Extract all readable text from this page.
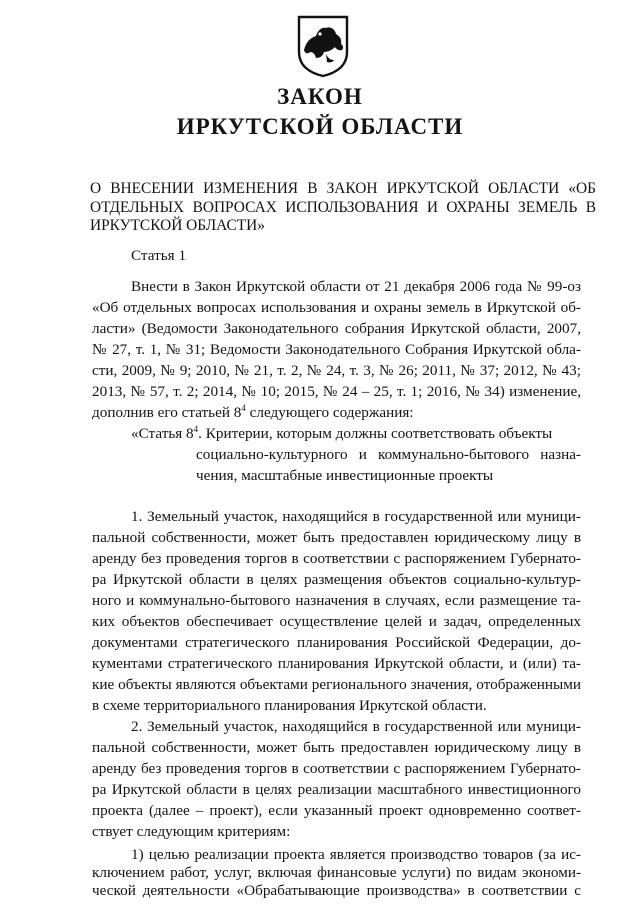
ЗАКОН
ИРКУТСКОЙ ОБЛАСТИ
О ВНЕСЕНИИ ИЗМЕНЕНИЯ В ЗАКОН ИРКУТСКОЙ ОБЛАСТИ «ОБ
ОТДЕЛЬНЫХ ВОПРОСАХ ИСПОЛЬЗОВАНИЯ И ОХРАНЫ ЗЕМЕЛЬ В
ИРКУТСКОЙ ОБЛАСТИ»
Статья 1
Внести в Закон Иркутской области от 21 декабря 2006 года № 99-оз
«Об отдельных вопросах использования и охраны земель в Иркутской об-
ласти» (Ведомости Законодательного собрания Иркутской области, 2007,
№ 27, т. 1, № 31; Ведомости Законодательного Собрания Иркутской обла-
сти, 2009, № 9; 2010, № 21, т. 2, № 24, т. 3, № 26; 2011, № 37; 2012, № 43;
2013, № 57, т. 2; 2014, № 10; 2015, № 24 – 25, т. 1; 2016, № 34) изменение,
дополнив его статьей $8^4$ следующего содержания:
«Статья $8^4$. Критерии, которым должны соответствовать объекты
социально-культурного и коммунально-бытового назна-
чения, масштабные инвестиционные проекты
1. Земельный участок, находящийся в государственной или муници-
пальной собственности, может быть предоставлен юридическому лицу в
аренду без проведения торгов в соответствии с распоряжением Губернато-
ра Иркутской области в целях размещения объектов социально-культур-
ного и коммунально-бытового назначения в случаях, если размещение та-
ких объектов обеспечивает осуществление целей и задач, определенных
документами стратегического планирования Российской Федерации, до-
кументами стратегического планирования Иркутской области, и (или) та-
кие объекты являются объектами регионального значения, отображенными
в схеме территориального планирования Иркутской области.
2. Земельный участок, находящийся в государственной или муници-
пальной собственности, может быть предоставлен юридическому лицу в
аренду без проведения торгов в соответствии с распоряжением Губернато-
ра Иркутской области в целях реализации масштабного инвестиционного
проекта (далее – проект), если указанный проект одновременно соответ-
ствует следующим критериям:
1) целью реализации проекта является производство товаров (за ис-
ключением работ, услуг, включая финансовые услуги) по видам экономи-
ческой деятельности «Обрабатывающие производства» в соответствии с
